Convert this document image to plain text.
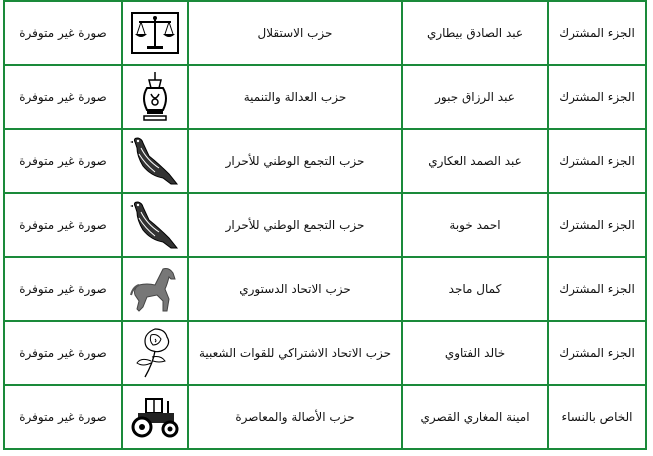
صورة غير متوفرة		حزب الاستقلال	عبد الصادق بيطاري	الجزء المشترك
صورة غير متوفرة		حزب العدالة والتنمية	عبد الرزاق جبور	الجزء المشترك
صورة غير متوفرة		حزب التجمع الوطني للأحرار	عبد الصمد العكاري	الجزء المشترك
صورة غير متوفرة		حزب التجمع الوطني للأحرار	احمد خوبة	الجزء المشترك
صورة غير متوفرة		حزب الاتحاد الدستوري	كمال ماجد	الجزء المشترك
صورة غير متوفرة		حزب الاتحاد الاشتراكي للقوات الشعبية	خالد الفتاوي	الجزء المشترك
صورة غير متوفرة		حزب الأصالة والمعاصرة	امينة المغاري القصري	الخاص بالنساء
